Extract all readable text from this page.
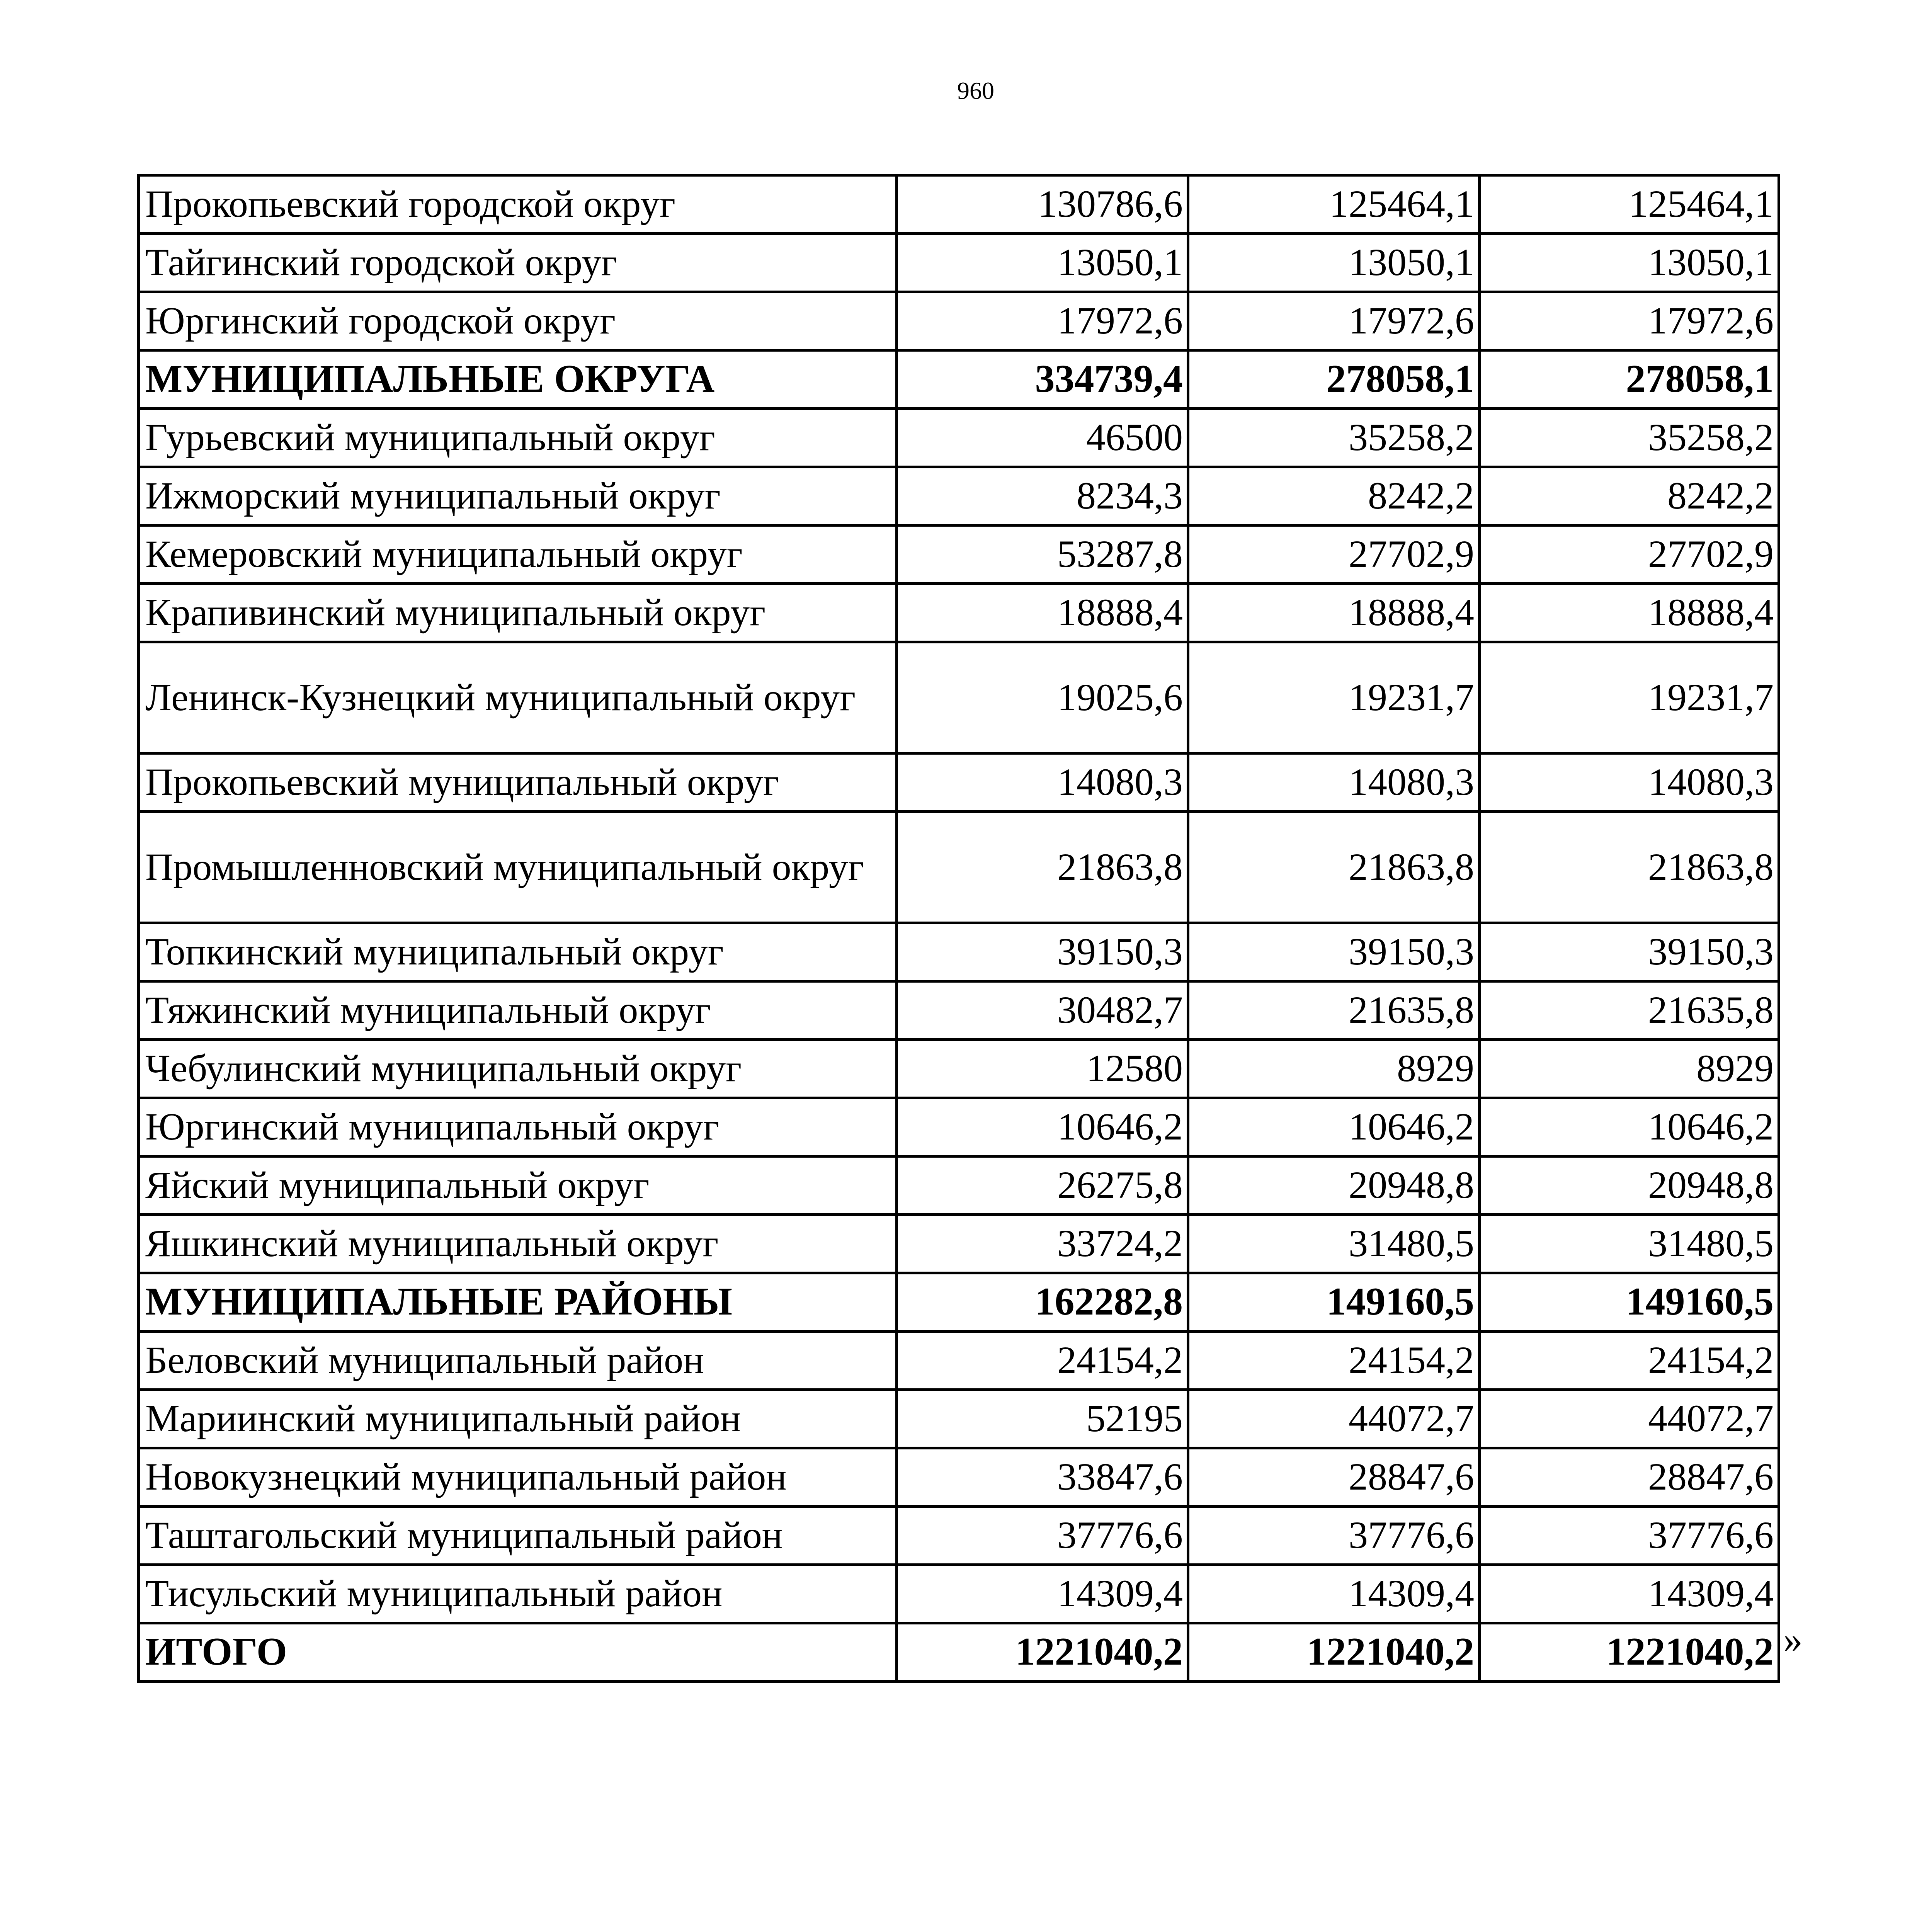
960
Прокопьевский городской округ	130786,6	125464,1	125464,1
Тайгинский городской округ	13050,1	13050,1	13050,1
Юргинский городской округ	17972,6	17972,6	17972,6
МУНИЦИПАЛЬНЫЕ ОКРУГА	334739,4	278058,1	278058,1
Гурьевский муниципальный округ	46500	35258,2	35258,2
Ижморский муниципальный округ	8234,3	8242,2	8242,2
Кемеровский муниципальный округ	53287,8	27702,9	27702,9
Крапивинский муниципальный округ	18888,4	18888,4	18888,4
Ленинск-Кузнецкий муниципальный округ	19025,6	19231,7	19231,7
Прокопьевский муниципальный округ	14080,3	14080,3	14080,3
Промышленновский муниципальный округ	21863,8	21863,8	21863,8
Топкинский муниципальный округ	39150,3	39150,3	39150,3
Тяжинский муниципальный округ	30482,7	21635,8	21635,8
Чебулинский муниципальный округ	12580	8929	8929
Юргинский муниципальный округ	10646,2	10646,2	10646,2
Яйский муниципальный округ	26275,8	20948,8	20948,8
Яшкинский муниципальный округ	33724,2	31480,5	31480,5
МУНИЦИПАЛЬНЫЕ РАЙОНЫ	162282,8	149160,5	149160,5
Беловский муниципальный район	24154,2	24154,2	24154,2
Мариинский муниципальный район	52195	44072,7	44072,7
Новокузнецкий муниципальный район	33847,6	28847,6	28847,6
Таштагольский муниципальный район	37776,6	37776,6	37776,6
Тисульский муниципальный район	14309,4	14309,4	14309,4
ИТОГО	1221040,2	1221040,2	1221040,2 »
